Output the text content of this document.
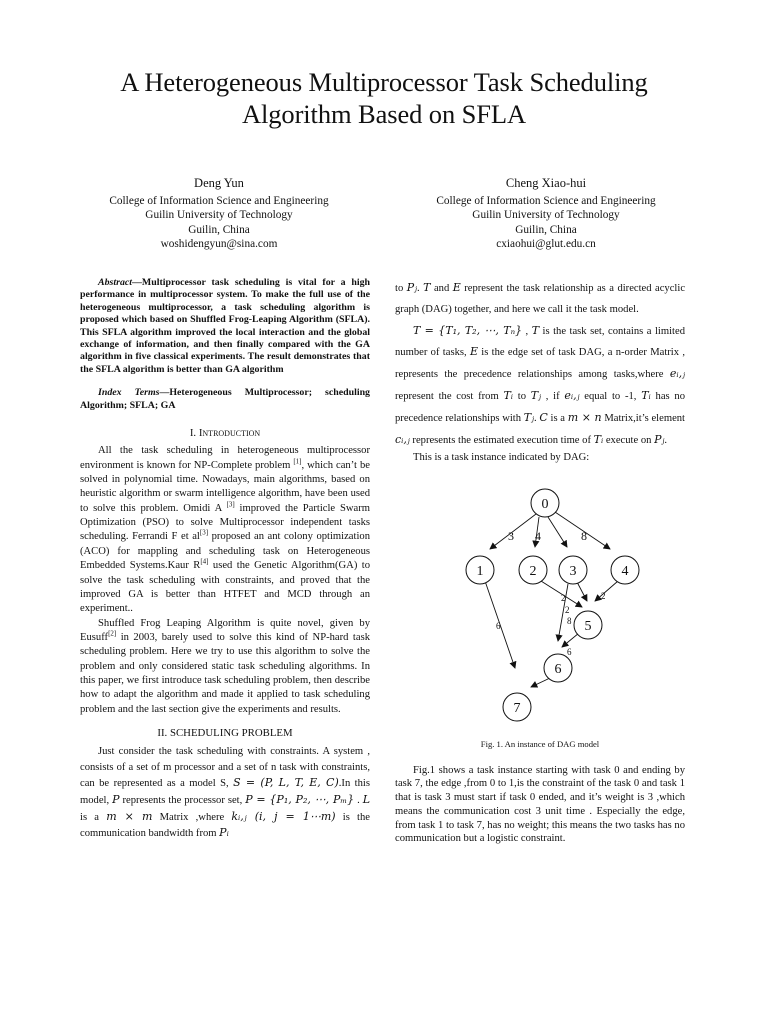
A Heterogeneous Multiprocessor Task Scheduling
Algorithm Based on SFLA
Deng Yun
College of Information Science and Engineering
Guilin University of Technology
Guilin, China
woshidengyun@sina.com
Cheng Xiao-hui
College of Information Science and Engineering
Guilin University of Technology
Guilin, China
cxiaohui@glut.edu.cn

Abstract—Multiprocessor task scheduling is vital for a high performance in multiprocessor system. To make the full use of the heterogeneous multiprocessor, a task scheduling algorithm is proposed which based on Shuffled Frog-Leaping Algorithm (SFLA). This SFLA algorithm improved the local interaction and the global exchange of information, and then finally compared with the GA algorithm in five classical experiments. The result demonstrates that the SFLA algorithm is better than GA algorithm

Index Terms—Heterogeneous Multiprocessor; scheduling Algorithm; SFLA; GA

I. Introduction

All the task scheduling in heterogeneous multiprocessor environment is known for NP-Complete problem [1], which can’t be solved in polynomial time. Nowadays, main algorithms, based on heuristic algorithm or swarm intelligence algorithm, have been used to solve this problem. Omidi A [3] improved the Particle Swarm Optimization (PSO) to solve Multiprocessor independent tasks scheduling. Ferrandi F et al[3] proposed an ant colony optimization (ACO) for mappling and scheduling task on Heterogeneous Embedded Systems.Kaur R[4] used the Genetic Algorithm(GA) to solve the task scheduling with constraints, and proved that the improved GA is better than HTFET and MCD through an experiment..

Shuffled Frog Leaping Algorithm is quite novel, given by Eusuff[2] in 2003, barely used to solve this kind of NP-hard task scheduling problem. Here we try to use this algorithm to solve the problem and only considered static task scheduling algorithms. In this paper, we first introduce task scheduling problem, then describe how to adapt the algorithm and made it applied to task scheduling problem and the last section give the experiments and results.

II. SCHEDULING PROBLEM

Just consider the task scheduling with constraints. A system , consists of a set of m processor and a set of n task with constraints, can be represented as a model S, S = (P, L, T, E, C).In this model, P represents the processor set, P = {P₁, P₂, ⋯, Pₘ} . L is a m × m Matrix ,where kᵢ,ⱼ (i, j = 1⋯m) is the communication bandwidth from Pᵢ

to Pⱼ. T and E represent the task relationship as a directed acyclic graph (DAG) together, and here we call it the task model.

T = {T₁, T₂, ⋯, Tₙ} , T is the task set, contains a limited number of tasks, E is the edge set of task DAG, a n-order Matrix , represents the precedence relationships among tasks,where eᵢ,ⱼ represent the cost from Tᵢ to Tⱼ , if eᵢ,ⱼ equal to -1, Tᵢ has no precedence relationships with Tⱼ. C is a m × n Matrix,it’s element cᵢ,ⱼ represents the estimated execution time of Tᵢ execute on Pⱼ.

This is a task instance indicated by DAG:

3 4	8
2
2
6
6
2
8
0
1	2 3	4
5
6
7
Fig. 1. An instance of DAG model

Fig.1 shows a task instance starting with task 0 and ending by task 7, the edge ,from 0 to 1,is the constraint of the task 0 and task 1 that is task 3 must start if task 0 ended, and it’s weight is 3 ,which means the communication cost 3 unit time . Especially the edge, from task 1 to task 7, has no weight; this means the two tasks has no communication but a logistic constraint.
